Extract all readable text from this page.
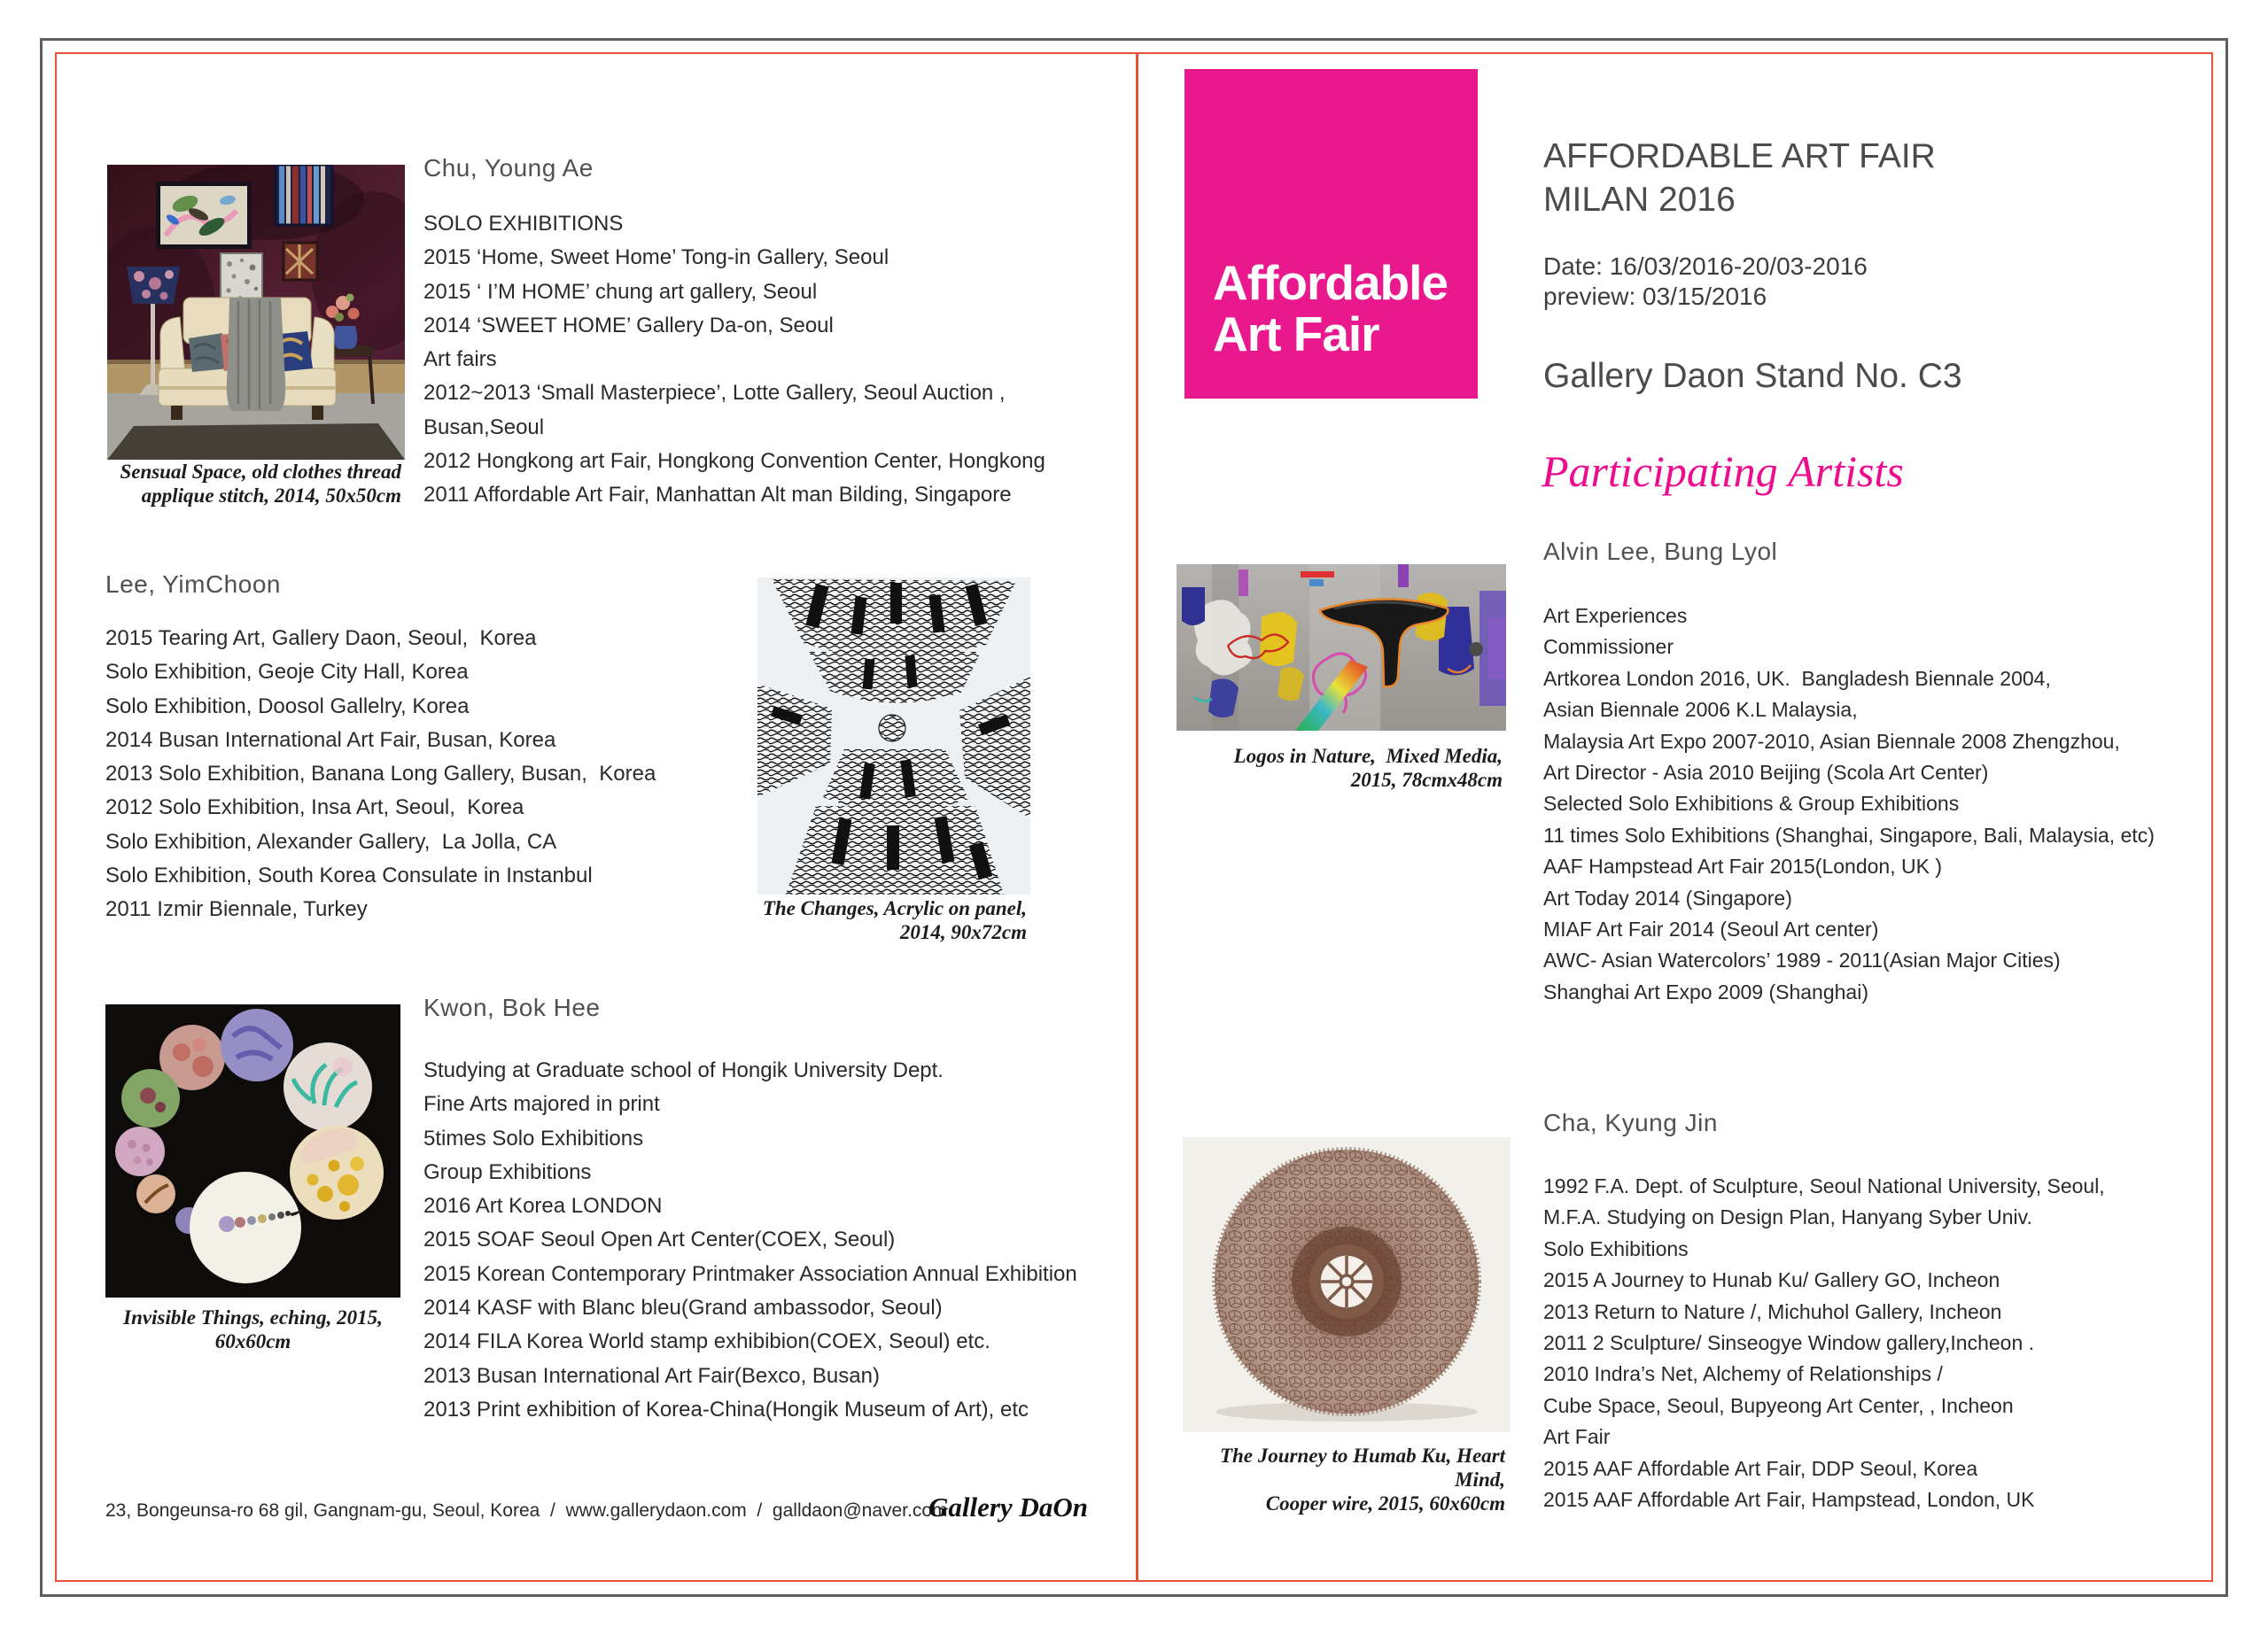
Sensual Space, old clothes thread
applique stitch, 2014, 50x50cm
Chu, Young Ae
SOLO EXHIBITIONS
2015 ‘Home, Sweet Home’ Tong-in Gallery, Seoul
2015 ‘ I’M HOME’ chung art gallery, Seoul
2014 ‘SWEET HOME’ Gallery Da-on, Seoul
Art fairs
2012~2013 ‘Small Masterpiece’, Lotte Gallery, Seoul Auction ,
Busan,Seoul
2012 Hongkong art Fair, Hongkong Convention Center, Hongkong
2011 Affordable Art Fair, Manhattan Alt man Bilding, Singapore
Lee, YimChoon
2015 Tearing Art, Gallery Daon, Seoul,  Korea
Solo Exhibition, Geoje City Hall, Korea
Solo Exhibition, Doosol Gallelry, Korea
2014 Busan International Art Fair, Busan, Korea
2013 Solo Exhibition, Banana Long Gallery, Busan,  Korea
2012 Solo Exhibition, Insa Art, Seoul,  Korea
Solo Exhibition, Alexander Gallery,  La Jolla, CA
Solo Exhibition, South Korea Consulate in Instanbul
2011 Izmir Biennale, Turkey	The Changes, Acrylic on panel,
2014, 90x72cm
Invisible Things, eching, 2015, 60x60cm
Kwon, Bok Hee
Studying at Graduate school of Hongik University Dept.
Fine Arts majored in print
5times Solo Exhibitions
Group Exhibitions
2016 Art Korea LONDON
2015 SOAF Seoul Open Art Center(COEX, Seoul)
2015 Korean Contemporary Printmaker Association Annual Exhibition
2014 KASF with Blanc bleu(Grand ambassodor, Seoul)
2014 FILA Korea World stamp exhibibion(COEX, Seoul) etc.
2013 Busan International Art Fair(Bexco, Busan)
2013 Print exhibition of Korea-China(Hongik Museum of Art), etc
23, Bongeunsa-ro 68 gil, Gangnam-gu, Seoul, Korea  /  www.gallerydaon.com  /  galldaon@naver.com
Gallery DaOn
Affordable
Art Fair
AFFORDABLE ART FAIR
MILAN 2016
Date: 16/03/2016-20/03-2016
preview: 03/15/2016
Gallery Daon Stand No. C3
Participating Artists
Logos in Nature,  Mixed Media,
2015, 78cmx48cm
Alvin Lee, Bung Lyol
Art Experiences
Commissioner
Artkorea London 2016, UK.  Bangladesh Biennale 2004,
Asian Biennale 2006 K.L Malaysia,
Malaysia Art Expo 2007-2010, Asian Biennale 2008 Zhengzhou,
Art Director - Asia 2010 Beijing (Scola Art Center)
Selected Solo Exhibitions & Group Exhibitions
11 times Solo Exhibitions (Shanghai, Singapore, Bali, Malaysia, etc)
AAF Hampstead Art Fair 2015(London, UK )
Art Today 2014 (Singapore)
MIAF Art Fair 2014 (Seoul Art center)
AWC- Asian Watercolors’ 1989 - 2011(Asian Major Cities)
Shanghai Art Expo 2009 (Shanghai)
The Journey to Humab Ku, Heart  Mind,
Cooper wire, 2015, 60x60cm
Cha, Kyung Jin
1992 F.A. Dept. of Sculpture, Seoul National University, Seoul,
M.F.A. Studying on Design Plan, Hanyang Syber Univ.
Solo Exhibitions
2015 A Journey to Hunab Ku/ Gallery GO, Incheon
2013 Return to Nature /, Michuhol Gallery, Incheon
2011 2 Sculpture/ Sinseogye Window gallery,Incheon .
2010 Indra’s Net, Alchemy of Relationships /
Cube Space, Seoul, Bupyeong Art Center, , Incheon
Art Fair
2015 AAF Affordable Art Fair, DDP Seoul, Korea
2015 AAF Affordable Art Fair, Hampstead, London, UK
